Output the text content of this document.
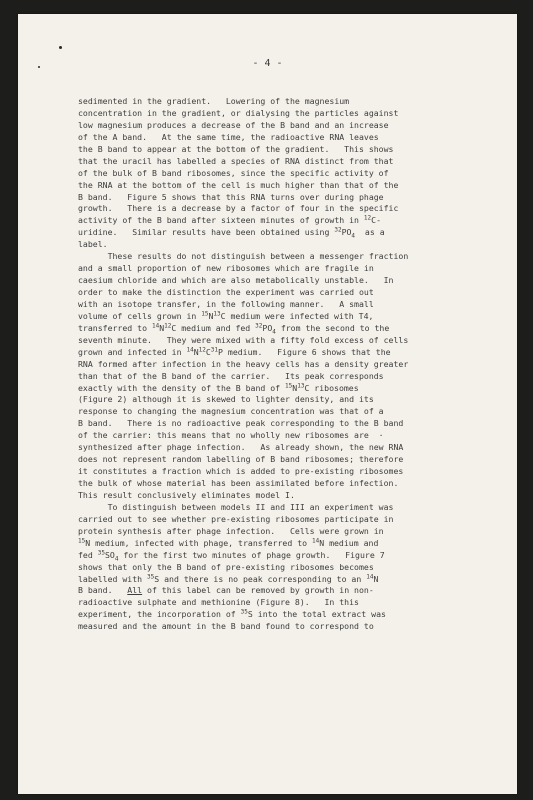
- 4 -
sedimented in the gradient.   Lowering of the magnesium
concentration in the gradient, or dialysing the particles against
low magnesium produces a decrease of the B band and an increase
of the A band.   At the same time, the radioactive RNA leaves
the B band to appear at the bottom of the gradient.   This shows
that the uracil has labelled a species of RNA distinct from that
of the bulk of B band ribosomes, since the specific activity of
the RNA at the bottom of the cell is much higher than that of the
B band.   Figure 5 shows that this RNA turns over during phage
growth.   There is a decrease by a factor of four in the specific
activity of the B band after sixteen minutes of growth in $^{12}$C-
uridine.   Similar results have been obtained using $^{32}PO_4$  as a
label.
These results do not distinguish between a messenger fraction
and a small proportion of new ribosomes which are fragile in
caesium chloride and which are also metabolically unstable.   In
order to make the distinction the experiment was carried out
with an isotope transfer, in the following manner.   A small
volume of cells grown in $^{15}N^{13}C$ medium were infected with T4,
transferred to $^{14}N^{12}C$ medium and fed $^{32}PO_4$ from the second to the
seventh minute.   They were mixed with a fifty fold excess of cells
grown and infected in $^{14}N^{12}C^{31}P$ medium.   Figure 6 shows that the
RNA formed after infection in the heavy cells has a density greater
than that of the B band of the carrier.   Its peak corresponds
exactly with the density of the B band of $^{15}N^{13}C$ ribosomes
(Figure 2) although it is skewed to lighter density, and its
response to changing the magnesium concentration was that of a
B band.   There is no radioactive peak corresponding to the B band
of the carrier: this means that no wholly new ribosomes are  ·
synthesized after phage infection.   As already shown, the new RNA
does not represent random labelling of B band ribosomes; therefore
it constitutes a fraction which is added to pre-existing ribosomes
the bulk of whose material has been assimilated before infection.
This result conclusively eliminates model I.
To distinguish between models II and III an experiment was
carried out to see whether pre-existing ribosomes participate in
protein synthesis after phage infection.   Cells were grown in
$^{15}$N medium, infected with phage, transferred to $^{14}$N medium and
fed $^{35}SO_4$ for the first two minutes of phage growth.   Figure 7
shows that only the B band of pre-existing ribosomes becomes
labelled with $^{35}$S and there is no peak corresponding to an $^{14}$N
B band.   All of this label can be removed by growth in non-
radioactive sulphate and methionine (Figure 8).   In this
experiment, the incorporation of $^{35}$S into the total extract was
measured and the amount in the B band found to correspond to
